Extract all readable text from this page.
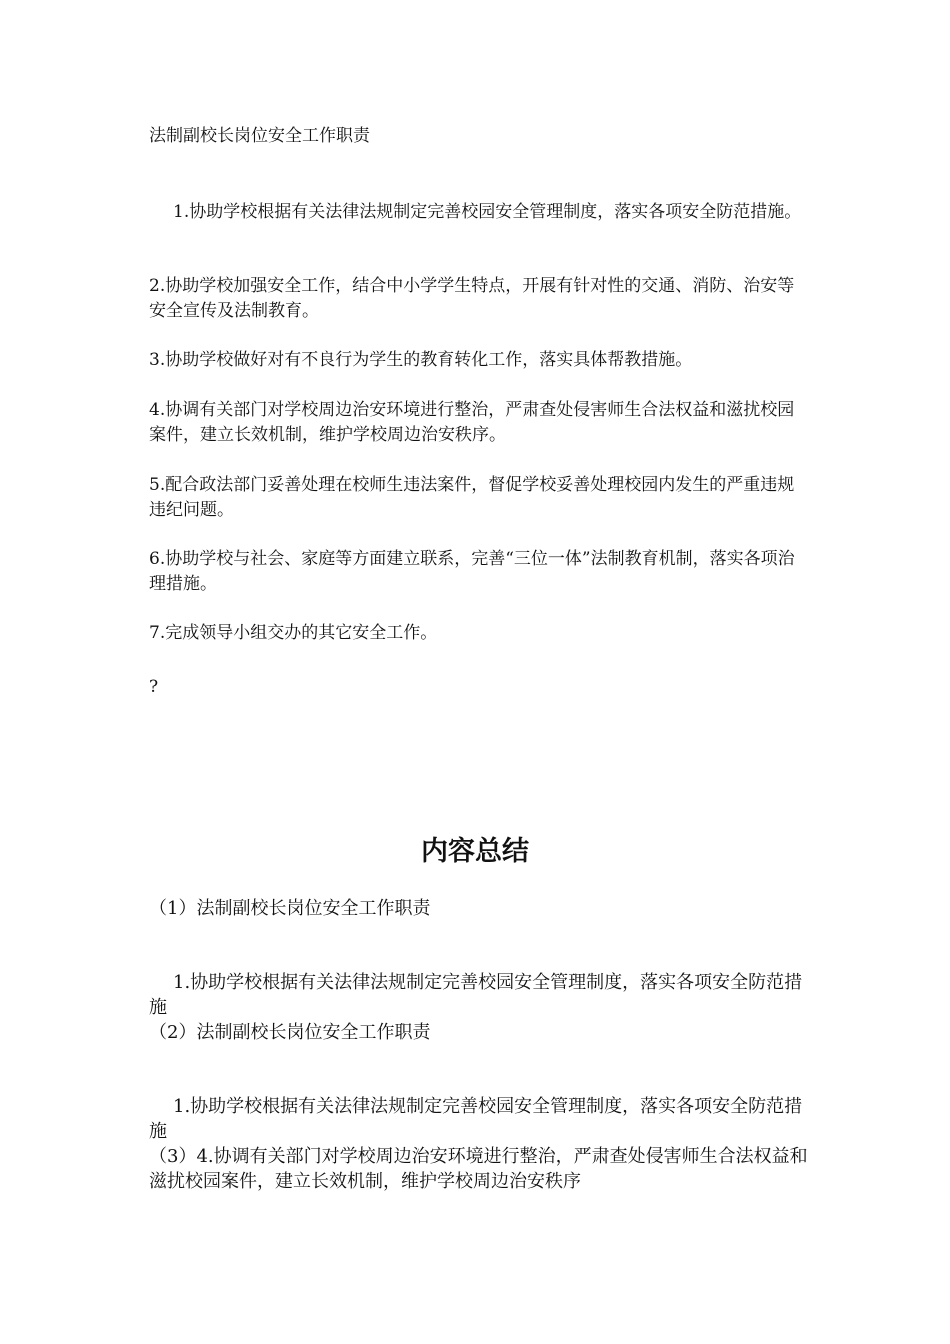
法制副校长岗位安全工作职责

1.协助学校根据有关法律法规制定完善校园安全管理制度，落实各项安全防范措施。

2.协助学校加强安全工作，结合中小学学生特点，开展有针对性的交通、消防、治安等安全宣传及法制教育。

3.协助学校做好对有不良行为学生的教育转化工作，落实具体帮教措施。

4.协调有关部门对学校周边治安环境进行整治，严肃查处侵害师生合法权益和滋扰校园案件，建立长效机制，维护学校周边治安秩序。

5.配合政法部门妥善处理在校师生违法案件，督促学校妥善处理校园内发生的严重违规违纪问题。

6.协助学校与社会、家庭等方面建立联系，完善“三位一体”法制教育机制，落实各项治理措施。

7.完成领导小组交办的其它安全工作。

?

内容总结

（1）法制副校长岗位安全工作职责

1.协助学校根据有关法律法规制定完善校园安全管理制度，落实各项安全防范措施

（2）法制副校长岗位安全工作职责

1.协助学校根据有关法律法规制定完善校园安全管理制度，落实各项安全防范措施

（3）4.协调有关部门对学校周边治安环境进行整治，严肃查处侵害师生合法权益和滋扰校园案件，建立长效机制，维护学校周边治安秩序
